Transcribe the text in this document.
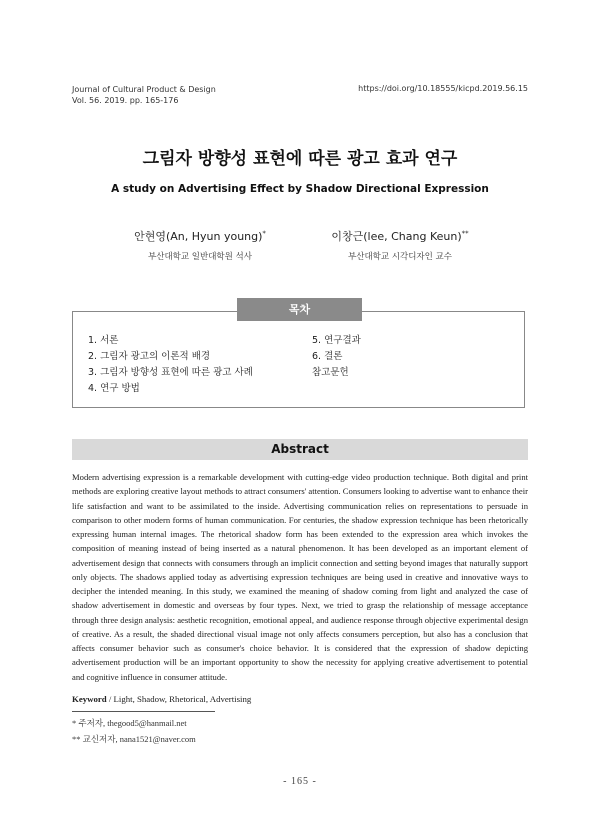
Journal of Cultural Product & Design
Vol. 56. 2019. pp. 165-176
https://doi.org/10.18555/kicpd.2019.56.15
그림자 방향성 표현에 따른 광고 효과 연구
A study on Advertising Effect by Shadow Directional Expression
안현영(An, Hyun young)*
부산대학교 일반대학원 석사
이창근(lee, Chang Keun)**
부산대학교 시각디자인 교수
목차
1. 서론
2. 그림자 광고의 이론적 배경
3. 그림자 방향성 표현에 따른 광고 사례
4. 연구 방법
5. 연구결과
6. 결론
참고문헌
Abstract
Modern advertising expression is a remarkable development with cutting-edge video production technique. Both digital and print methods are exploring creative layout methods to attract consumers' attention. Consumers looking to advertise want to enhance their life satisfaction and want to be assimilated to the inside. Advertising communication relies on representations to persuade in comparison to other modern forms of human communication. For centuries, the shadow expression technique has been rhetorically expressing human internal images. The rhetorical shadow form has been extended to the expression area which invokes the composition of meaning instead of being inserted as a natural phenomenon. It has been developed as an important element of advertisement design that connects with consumers through an implicit connection and setting beyond images that naturally support only objects. The shadows applied today as advertising expression techniques are being used in creative and innovative ways to decipher the intended meaning. In this study, we examined the meaning of shadow coming from light and analyzed the case of shadow advertisement in domestic and overseas by four types. Next, we tried to grasp the relationship of message acceptance through three design analysis: aesthetic recognition, emotional appeal, and audience response through objective experimental design of creative. As a result, the shaded directional visual image not only affects consumers perception, but also has a conclusion that affects consumer behavior such as consumer's choice behavior. It is considered that the expression of shadow depicting advertisement production will be an important opportunity to show the necessity for applying creative advertisement to potential and cognitive influence in consumer attitude.
Keyword / Light, Shadow, Rhetorical, Advertising
* 주저자, thegood5@hanmail.net
** 교신저자, nana1521@naver.com
- 165 -
